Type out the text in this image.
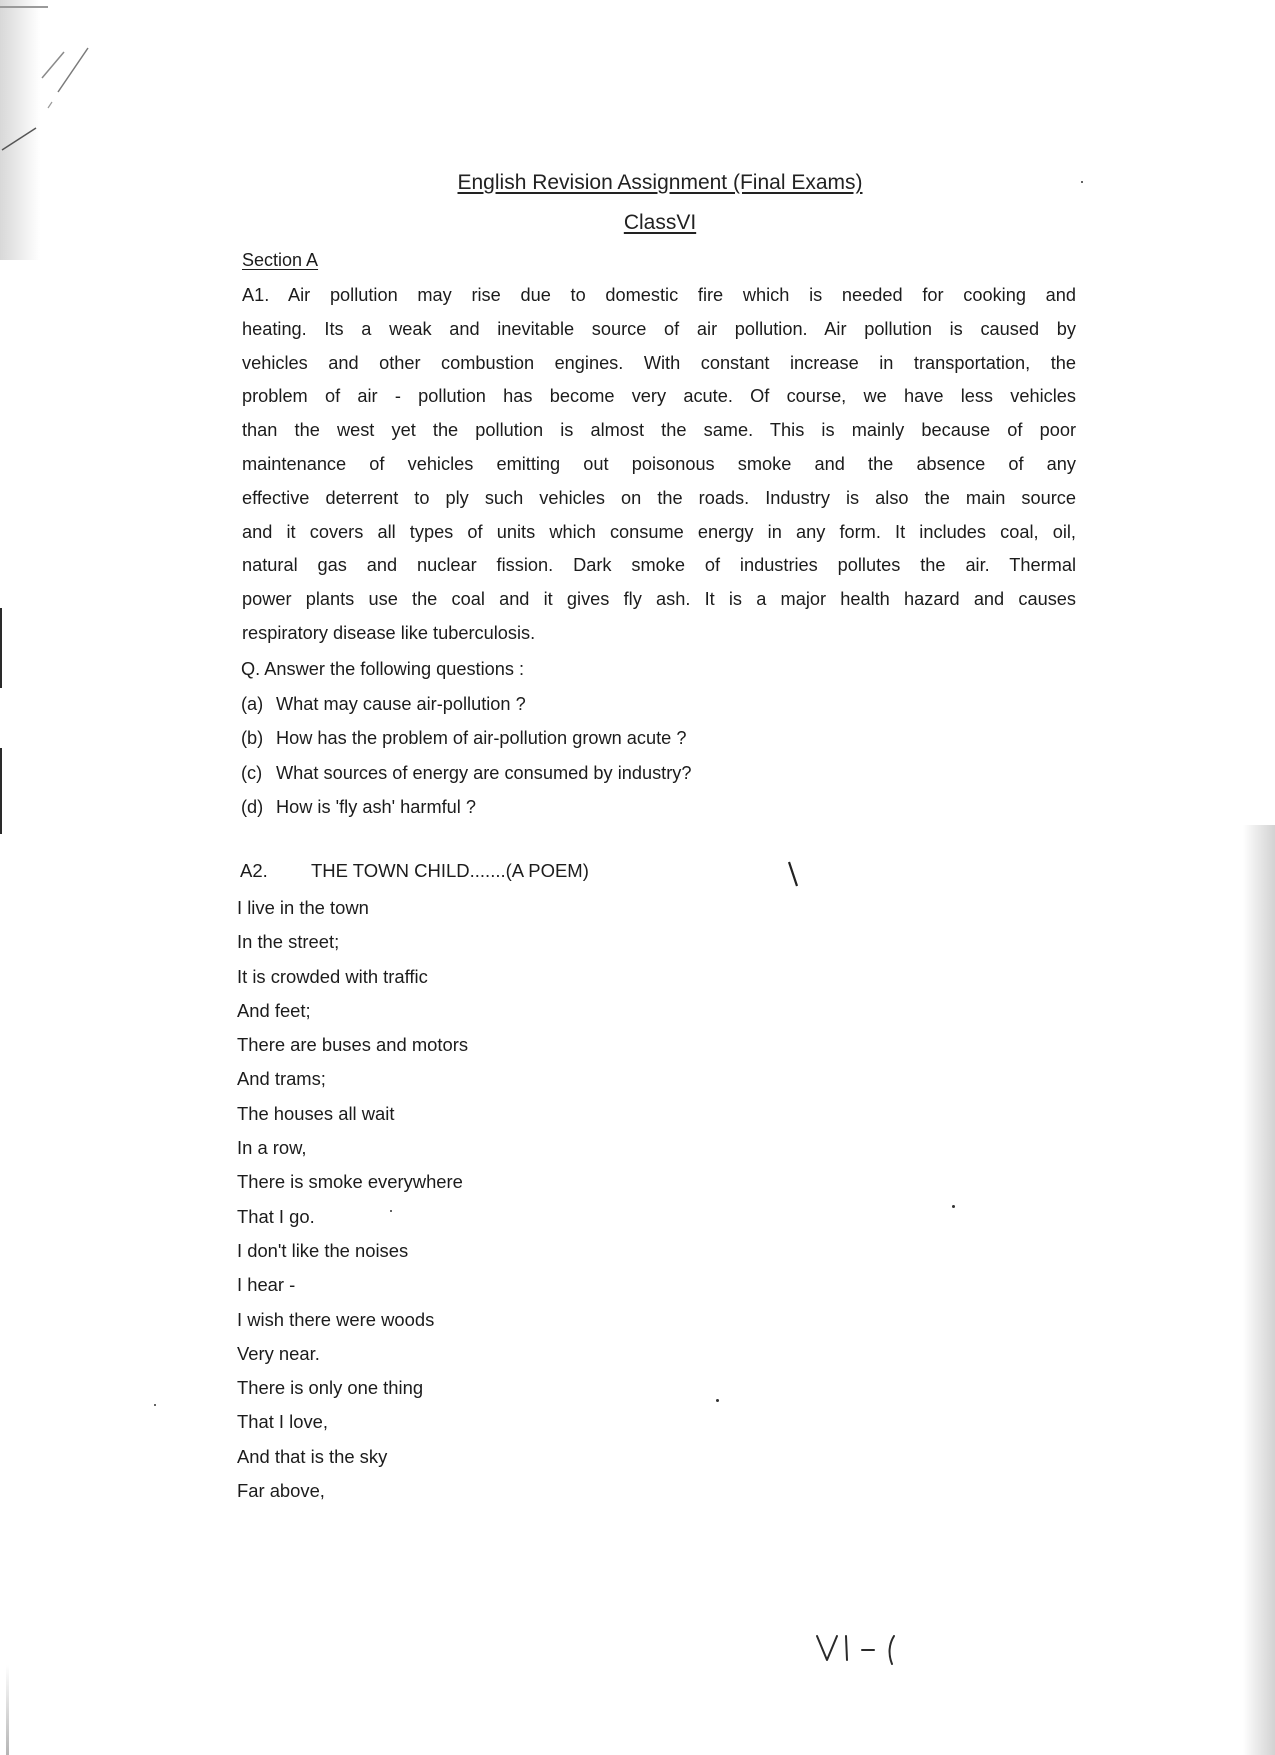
English Revision Assignment (Final Exams)
ClassVI
Section A
A1. Air pollution may rise due to domestic fire which is needed for cooking and
heating. Its a weak and inevitable source of air pollution. Air pollution is caused by
vehicles and other combustion engines. With constant increase in transportation, the
problem of air - pollution has become very acute. Of course, we have less vehicles
than the west yet the pollution is almost the same. This is mainly because of poor
maintenance of vehicles emitting out poisonous smoke and the absence of any
effective deterrent to ply such vehicles on the roads. Industry is also the main source
and it covers all types of units which consume energy in any form. It includes coal, oil,
natural gas and nuclear fission. Dark smoke of industries pollutes the air. Thermal
power plants use the coal and it gives fly ash. It is a major health hazard and causes
respiratory disease like tuberculosis.
Q. Answer the following questions :
(a) What may cause air-pollution ?
(b) How has the problem of air-pollution grown acute ?
(c) What sources of energy are consumed by industry?
(d) How is 'fly ash' harmful ?
A2. THE TOWN CHILD.......(A POEM)
I live in the town
In the street;
It is crowded with traffic
And feet;
There are buses and motors
And trams;
The houses all wait
In a row,
There is smoke everywhere
That I go.
I don't like the noises
I hear -
I wish there were woods
Very near.
There is only one thing
That I love,
And that is the sky
Far above,
